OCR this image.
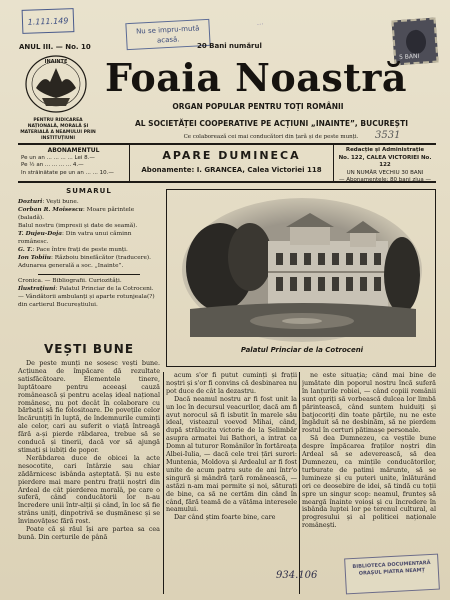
1.111.149
Nu se impru-mută acasă.
20 Bani numărul
...
5 BANI
ANUL III. — No. 10
INAINTE
PENTRU RIDICAREA NAȚIONALĂ, MORALĂ ȘI MATERIALĂ A NEAMULUI PRIN INSTITUȚIUNI
Foaia Noastră
ORGAN POPULAR PENTRU TOȚI ROMÂNII
AL SOCIETĂȚEI COOPERATIVE PE ACȚIUNI „INAINTE”, BUCUREȘTI
Ce colaborează cei mai conducători din țară și de peste munți.	3531
ABONAMENTUL
Pe un an ... ... ... ... Lei 8.—
Pe ½ an ... ... ... ... 4.—
In străinătate pe un an ... ... 10.—
APARE DUMINECA
Abonamente: I. GRANCEA, Calea Victoriei 118
Redacție și Administrație
No. 122, CALEA VICTORIEI No. 122
UN NUMĂR VECHIU 30 BANI
— Abonamentele: 80 bani ziua —
SUMARUL
Dozturi: Vești bune.
Corban R. Moisescu: Moare părintele (baladă).
Balul nostru (impresii și date de seamă).
T. Dujeu-Doja: Din vatra unui căminn românesc.
G. T.: Pace între frați de peste munți.
Ion Tobiiu: Războiu binefăcător (traducere).
Adunarea generală a soc. „Inainte”.
Cronica. — Bibliografii. Curiozități.
Ilustrațiuni: Palatul Princiar de la Cotroceni. — Vândătorii ambulanți și aparte rotunjeala(?) din cartierul Bucureștiului.
Palatul Princiar de la Cotroceni
VEȘTI BUNE

De peste munți ne sosesc vești bune. Acțiunea de împăcare dă rezultate satisfăcătoare. Elementele tinere, luptătoare pentru aceeași cauză românească și pentru acelaș ideal național românesc, nu pot decât în colaborare cu bărbații să fie folositoare. De povețile celor încărunțiți în luptă, de îndemnurile cuminți ale celor, cari au suferit o viață întreagă fără a-și pierde răbdarea, trebue să se conducă și tinerii, dacă vor să ajungă stimați și iubiți de popor.

Nerăbdarea duce de obicei la acte nesocotite, cari întârzie sau chiar zădărnicesc isbânda așteptată. Și nu este pierdere mai mare pentru frații noștri din Ardeal de cât pierderea moralâ, pe care o suferă, când conducătorii lor n-au încredere unii într-alții și când, în loc să fie strâns uniți, dinpotrivă se dușmănesc și se învinovățesc fără rost.

Poate că și răul își are partea sa cea bună. Din certurile de până

acum s'or fi putut cuminți și frații noștri și s'or fi convins că desbinarea nu pot duce de cât la dezastru.

Dacă neamul nostru ar fi fost unit la un loc în decursul veacurilor, dacă am fi avut norocul să fi isbutit în marele său ideal, visteazul voevod Mihai, când, după strălucita victorie de la Șelimbăr asupra armatei lui Bathori, a intrat ca Domn al tuturor Românilor în fortăreața Albei-Iulia, — dacă cele trei țări surori: Muntenia, Moldova și Ardealul ar fi fost unite de acum patru sute de ani într'o singură și mândră țară românească, —astăzi n-am mai permite și noi, săturați de bine, ca să ne certăm din când în când, fără teamă de a vătăma interesele neamului.

Dar când știm foarte bine, care

ne este situația; când mai bine de jumătate din poporul nostru încă suferă în lanțurile robiei, — când copiii românii sunt opriți să vorbească dulcea lor limbă părintească, când suntem huiduiți și batjocoriți din toate părțile, nu ne este îngăduit să ne desbinăm, să ne pierdem rostul în certuri pătimașe personale.

Să dea Dumnezeu, ca veștile bune despre împăcarea fraților noștri din Ardeal să se adeverească, să dea Dumnezeu, ca mințile conducătorilor, turburate de patimi mărunte, să se lumineze și cu puteri unite, înlăturând ori ce deosebire de idei, să tindă cu toții spre un singur scop: neamul, frunteș să meargă înainte voioși și cu încredere în isbânda luptei lor pe terenul cultural, al progresului și al politicei naționale românești.

934.106
BIBLIOTECA DOCUMENTARĂ ORAȘUL PIATRA NEAMȚ
